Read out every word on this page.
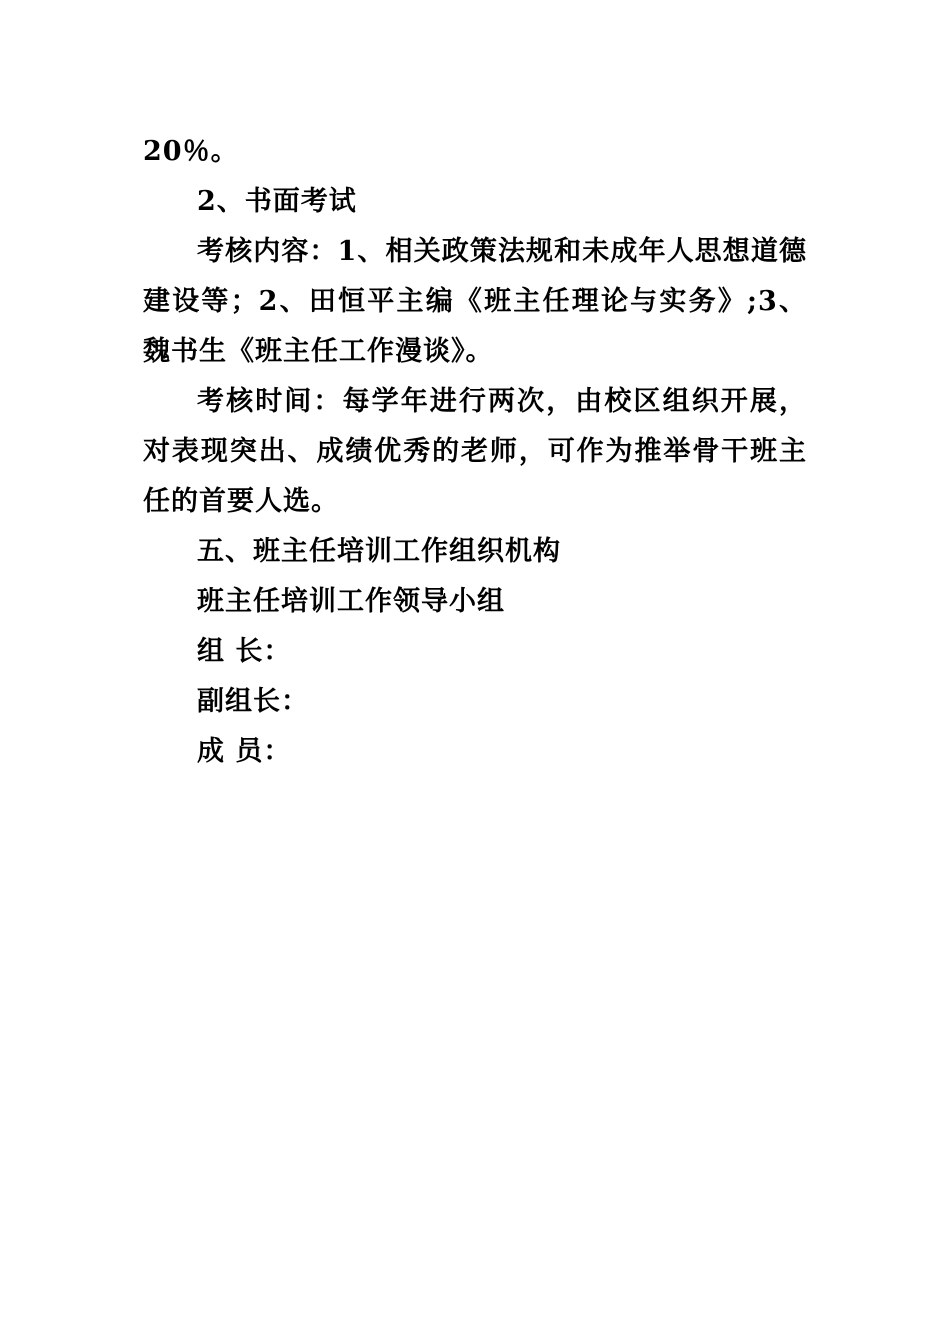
20％。

2、书面考试

考核内容：1、相关政策法规和未成年人思想道德建设等；2、田恒平主编《班主任理论与实务》;3、魏书生《班主任工作漫谈》。

考核时间：每学年进行两次，由校区组织开展，对表现突出、成绩优秀的老师，可作为推举骨干班主任的首要人选。

五、班主任培训工作组织机构

班主任培训工作领导小组

组 长：

副组长：

成 员：
